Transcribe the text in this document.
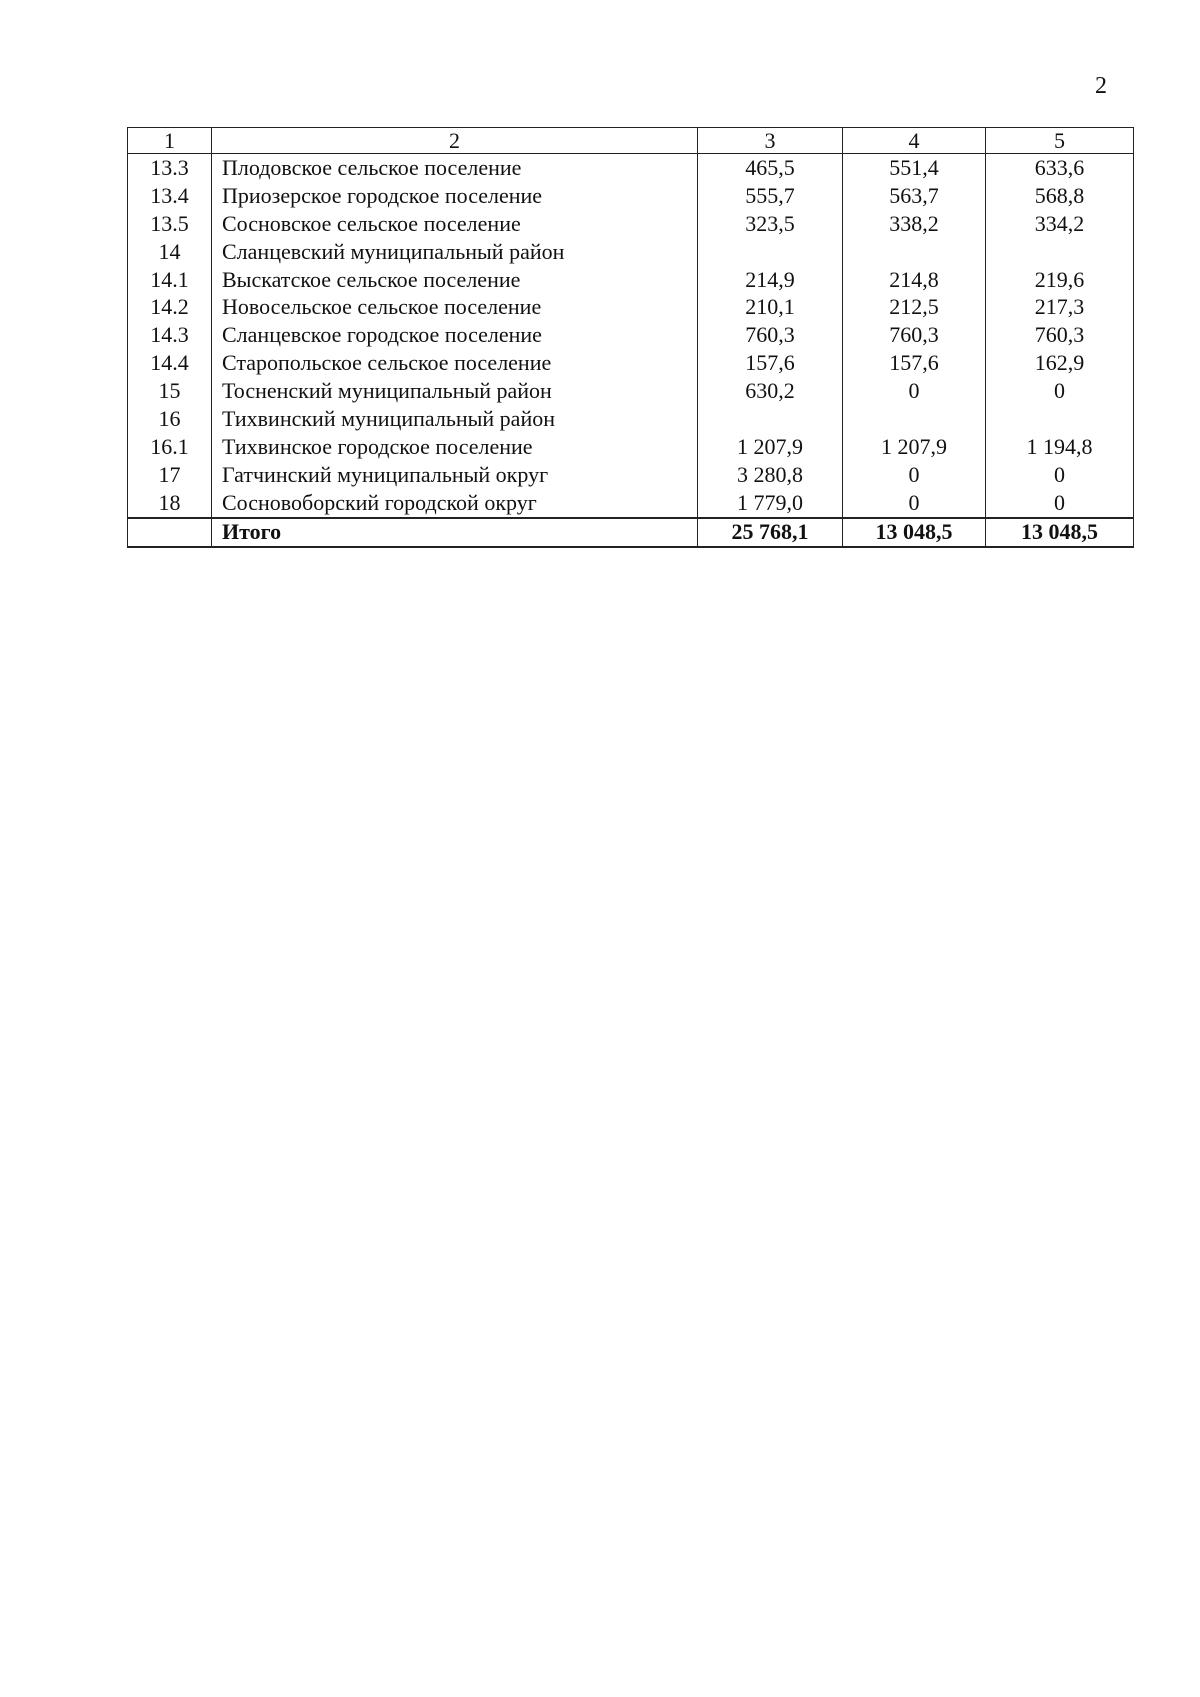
2
1	2	3	4	5
13.3	Плодовское сельское поселение	465,5	551,4	633,6
13.4	Приозерское городское поселение	555,7	563,7	568,8
13.5	Сосновское сельское поселение	323,5	338,2	334,2
14	Сланцевский муниципальный район			
14.1	Выскатское сельское поселение	214,9	214,8	219,6
14.2	Новосельское сельское поселение	210,1	212,5	217,3
14.3	Сланцевское городское поселение	760,3	760,3	760,3
14.4	Старопольское сельское поселение	157,6	157,6	162,9
15	Тосненский муниципальный район	630,2	0	0
16	Тихвинский муниципальный район			
16.1	Тихвинское городское поселение	1 207,9	1 207,9	1 194,8
17	Гатчинский муниципальный округ	3 280,8	0	0
18	Сосновоборский городской округ	1 779,0	0	0
	Итого	25 768,1	13 048,5	13 048,5
